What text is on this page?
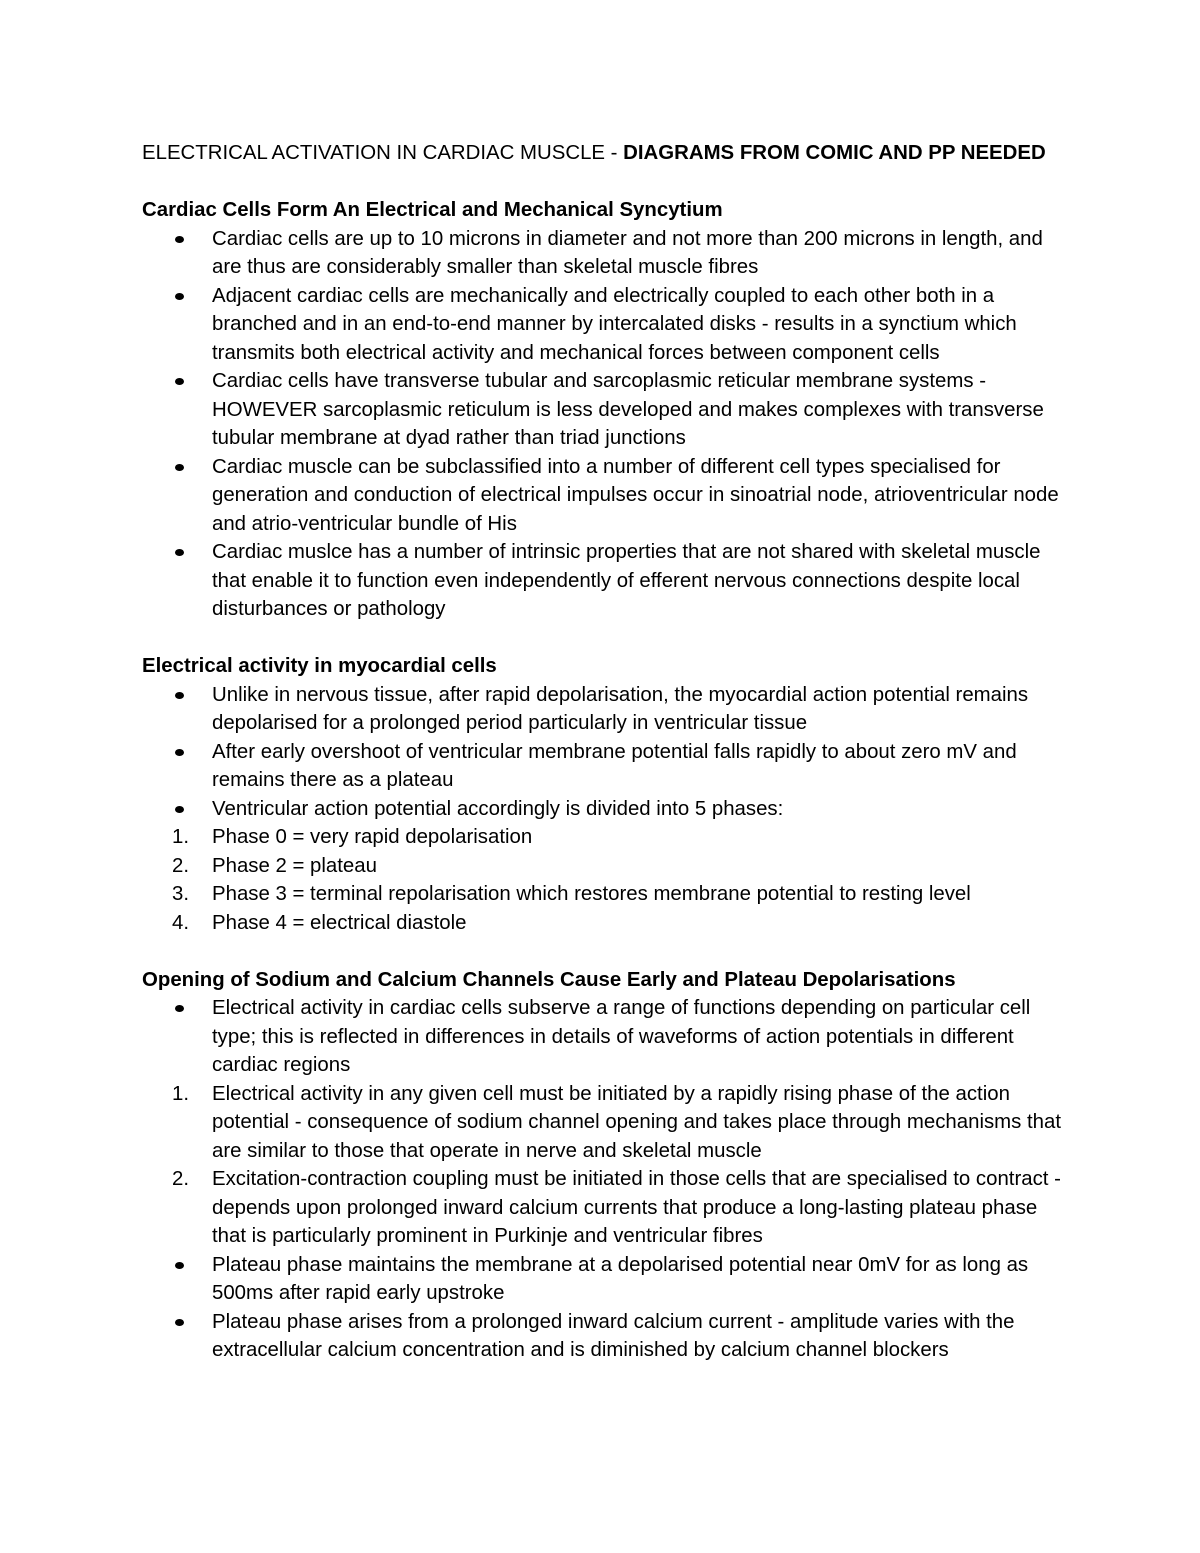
ELECTRICAL ACTIVATION IN CARDIAC MUSCLE - DIAGRAMS FROM COMIC AND PP NEEDED

Cardiac Cells Form An Electrical and Mechanical Syncytium
Cardiac cells are up to 10 microns in diameter and not more than 200 microns in length, and are thus are considerably smaller than skeletal muscle fibres
Adjacent cardiac cells are mechanically and electrically coupled to each other both in a branched and in an end-to-end manner by intercalated disks - results in a synctium which transmits both electrical activity and mechanical forces between component cells
Cardiac cells have transverse tubular and sarcoplasmic reticular membrane systems - HOWEVER sarcoplasmic reticulum is less developed and makes complexes with transverse tubular membrane at dyad rather than triad junctions
Cardiac muscle can be subclassified into a number of different cell types specialised for generation and conduction of electrical impulses occur in sinoatrial node, atrioventricular node and atrio-ventricular bundle of His
Cardiac muslce has a number of intrinsic properties that are not shared with skeletal muscle that enable it to function even independently of efferent nervous connections despite local disturbances or pathology
Electrical activity in myocardial cells
Unlike in nervous tissue, after rapid depolarisation, the myocardial action potential remains depolarised for a prolonged period particularly in ventricular tissue
After early overshoot of ventricular membrane potential falls rapidly to about zero mV and remains there as a plateau
Ventricular action potential accordingly is divided into 5 phases:
1.	Phase 0 = very rapid depolarisation
2.	Phase 2 = plateau
3.	Phase 3 = terminal repolarisation which restores membrane potential to resting level
4.	Phase 4 = electrical diastole
Opening of Sodium and Calcium Channels Cause Early and Plateau Depolarisations
Electrical activity in cardiac cells subserve a range of functions depending on particular cell type; this is reflected in differences in details of waveforms of action potentials in different cardiac regions
1.	Electrical activity in any given cell must be initiated by a rapidly rising phase of the action potential - consequence of sodium channel opening and takes place through mechanisms that are similar to those that operate in nerve and skeletal muscle
2.	Excitation-contraction coupling must be initiated in those cells that are specialised to contract - depends upon prolonged inward calcium currents that produce a long-lasting plateau phase that is particularly prominent in Purkinje and ventricular fibres
Plateau phase maintains the membrane at a depolarised potential near 0mV for as long as 500ms after rapid early upstroke
Plateau phase arises from a prolonged inward calcium current - amplitude varies with the extracellular calcium concentration and is diminished by calcium channel blockers
